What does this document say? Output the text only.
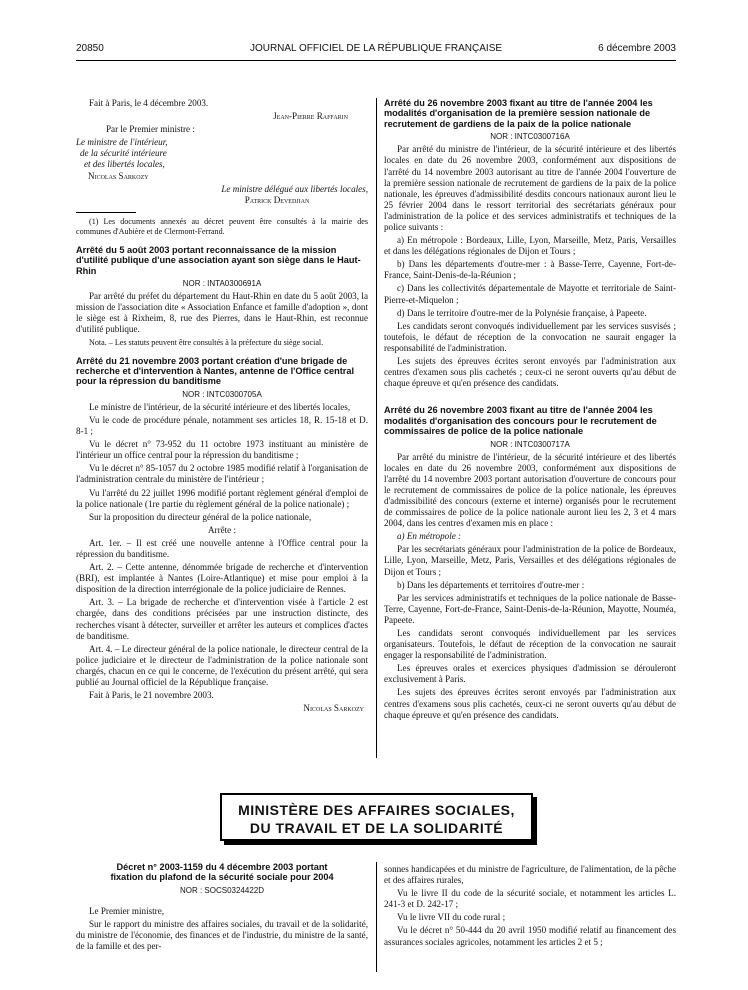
20850	JOURNAL OFFICIEL DE LA RÉPUBLIQUE FRANÇAISE	6 décembre 2003

Fait à Paris, le 4 décembre 2003.

Jean-Pierre Raffarin

Par le Premier ministre :

Le ministre de l'intérieur,

de la sécurité intérieure

et des libertés locales,

Nicolas Sarkozy

Le ministre délégué aux libertés locales,

Patrick Devedjian

(1) Les documents annexés au décret peuvent être consultés à la mairie des communes d'Aubière et de Clermont-Ferrand.

Arrêté du 5 août 2003 portant reconnaissance de la mission d'utilité publique d'une association ayant son siège dans le Haut-Rhin

NOR : INTA0300691A

Par arrêté du préfet du département du Haut-Rhin en date du 5 août 2003, la mission de l'association dite « Association Enfance et famille d'adoption », dont le siège est à Rixheim, 8, rue des Pierres, dans le Haut-Rhin, est reconnue d'utilité publique.

Nota. – Les statuts peuvent être consultés à la préfecture du siège social.

Arrêté du 21 novembre 2003 portant création d'une brigade de recherche et d'intervention à Nantes, antenne de l'Office central pour la répression du banditisme

NOR : INTC0300705A

Le ministre de l'intérieur, de la sécurité intérieure et des libertés locales,

Vu le code de procédure pénale, notamment ses articles 18, R. 15-18 et D. 8-1 ;

Vu le décret n° 73-952 du 11 octobre 1973 instituant au ministère de l'intérieur un office central pour la répression du banditisme ;

Vu le décret n° 85-1057 du 2 octobre 1985 modifié relatif à l'organisation de l'administration centrale du ministère de l'intérieur ;

Vu l'arrêté du 22 juillet 1996 modifié portant règlement général d'emploi de la police nationale (1re partie du règlement général de la police nationale) ;

Sur la proposition du directeur général de la police nationale,

Arrête :

Art. 1er. – Il est créé une nouvelle antenne à l'Office central pour la répression du banditisme.

Art. 2. – Cette antenne, dénommée brigade de recherche et d'intervention (BRI), est implantée à Nantes (Loire-Atlantique) et mise pour emploi à la disposition de la direction interrégionale de la police judiciaire de Rennes.

Art. 3. – La brigade de recherche et d'intervention visée à l'article 2 est chargée, dans des conditions précisées par une instruction distincte, des recherches visant à détecter, surveiller et arrêter les auteurs et complices d'actes de banditisme.

Art. 4. – Le directeur général de la police nationale, le directeur central de la police judiciaire et le directeur de l'administration de la police nationale sont chargés, chacun en ce qui le concerne, de l'exécution du présent arrêté, qui sera publié au Journal officiel de la République française.

Fait à Paris, le 21 novembre 2003.

Nicolas Sarkozy

Arrêté du 26 novembre 2003 fixant au titre de l'année 2004 les modalités d'organisation de la première session nationale de recrutement de gardiens de la paix de la police nationale

NOR : INTC0300716A

Par arrêté du ministre de l'intérieur, de la sécurité intérieure et des libertés locales en date du 26 novembre 2003, conformément aux dispositions de l'arrêté du 14 novembre 2003 autorisant au titre de l'année 2004 l'ouverture de la première session nationale de recrutement de gardiens de la paix de la police nationale, les épreuves d'admissibilité desdits concours nationaux auront lieu le 25 février 2004 dans le ressort territorial des secrétariats généraux pour l'administration de la police et des services administratifs et techniques de la police suivants :

a) En métropole : Bordeaux, Lille, Lyon, Marseille, Metz, Paris, Versailles et dans les délégations régionales de Dijon et Tours ;

b) Dans les départements d'outre-mer : à Basse-Terre, Cayenne, Fort-de-France, Saint-Denis-de-la-Réunion ;

c) Dans les collectivités départementale de Mayotte et territoriale de Saint-Pierre-et-Miquelon ;

d) Dans le territoire d'outre-mer de la Polynésie française, à Papeete.

Les candidats seront convoqués individuellement par les services susvisés ; toutefois, le défaut de réception de la convocation ne saurait engager la responsabilité de l'administration.

Les sujets des épreuves écrites seront envoyés par l'administration aux centres d'examen sous plis cachetés ; ceux-ci ne seront ouverts qu'au début de chaque épreuve et qu'en présence des candidats.

Arrêté du 26 novembre 2003 fixant au titre de l'année 2004 les modalités d'organisation des concours pour le recrutement de commissaires de police de la police nationale

NOR : INTC0300717A

Par arrêté du ministre de l'intérieur, de la sécurité intérieure et des libertés locales en date du 26 novembre 2003, conformément aux dispositions de l'arrêté du 14 novembre 2003 portant autorisation d'ouverture de concours pour le recrutement de commissaires de police de la police nationale, les épreuves d'admissibilité des concours (externe et interne) organisés pour le recrutement de commissaires de police de la police nationale auront lieu les 2, 3 et 4 mars 2004, dans les centres d'examen mis en place :

a) En métropole :

Par les secrétariats généraux pour l'administration de la police de Bordeaux, Lille, Lyon, Marseille, Metz, Paris, Versailles et des délégations régionales de Dijon et Tours ;

b) Dans les départements et territoires d'outre-mer :

Par les services administratifs et techniques de la police nationale de Basse-Terre, Cayenne, Fort-de-France, Saint-Denis-de-la-Réunion, Mayotte, Nouméa, Papeete.

Les candidats seront convoqués individuellement par les services organisateurs. Toutefois, le défaut de réception de la convocation ne saurait engager la responsabilité de l'administration.

Les épreuves orales et exercices physiques d'admission se dérouleront exclusivement à Paris.

Les sujets des épreuves écrites seront envoyés par l'administration aux centres d'examens sous plis cachetés, ceux-ci ne seront ouverts qu'au début de chaque épreuve et qu'en présence des candidats.

MINISTÈRE DES AFFAIRES SOCIALES,
DU TRAVAIL ET DE LA SOLIDARITÉ

Décret n° 2003-1159 du 4 décembre 2003 portant

fixation du plafond de la sécurité sociale pour 2004

NOR : SOCS0324422D

Le Premier ministre,

Sur le rapport du ministre des affaires sociales, du travail et de la solidarité, du ministre de l'économie, des finances et de l'industrie, du ministre de la santé, de la famille et des per-

sonnes handicapées et du ministre de l'agriculture, de l'alimentation, de la pêche et des affaires rurales,

Vu le livre II du code de la sécurité sociale, et notamment les articles L. 241-3 et D. 242-17 ;

Vu le livre VII du code rural ;

Vu le décret n° 50-444 du 20 avril 1950 modifié relatif au financement des assurances sociales agricoles, notamment les articles 2 et 5 ;
